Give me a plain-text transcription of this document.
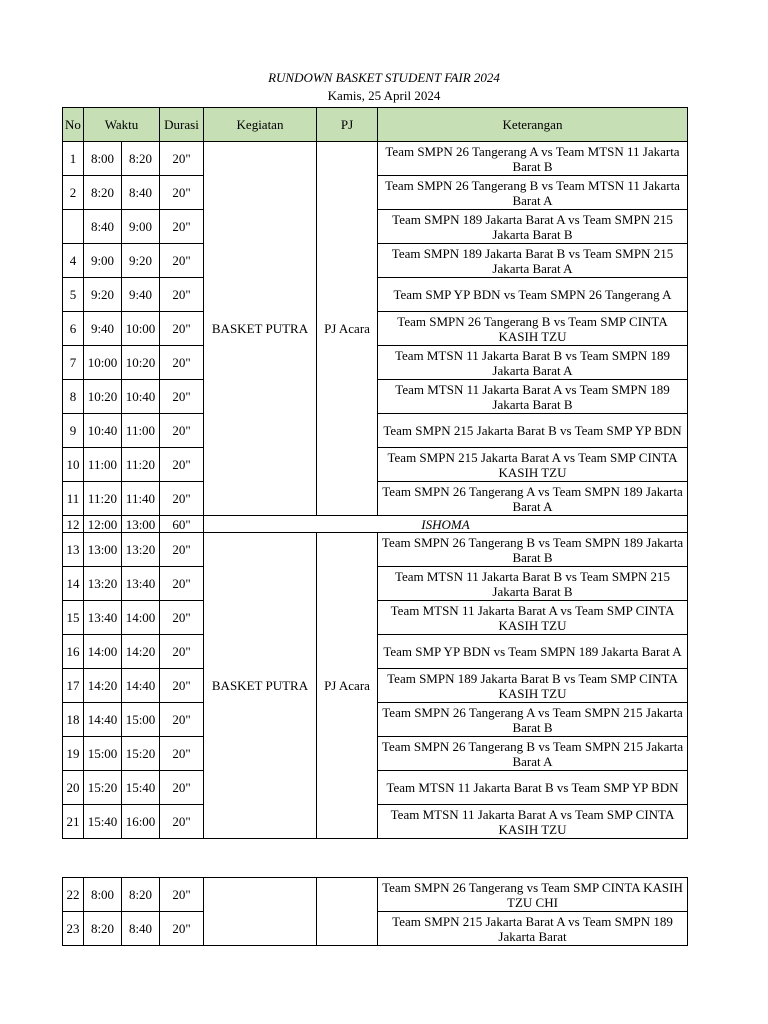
RUNDOWN BASKET STUDENT FAIR 2024
Kamis, 25 April 2024
No	Waktu		Durasi	Kegiatan	PJ	Keterangan
1	8:00	8:20	20"	BASKET PUTRA	PJ Acara	Team SMPN 26 Tangerang A vs Team MTSN 11 Jakarta Barat B
2	8:20	8:40	20"			Team SMPN 26 Tangerang B vs Team MTSN 11 Jakarta Barat A
	8:40	9:00	20"			Team SMPN 189 Jakarta Barat A vs Team SMPN 215 Jakarta Barat B
4	9:00	9:20	20"			Team SMPN 189 Jakarta Barat B vs Team SMPN 215 Jakarta Barat A
5	9:20	9:40	20"			Team SMP YP BDN vs Team SMPN 26 Tangerang A
6	9:40	10:00	20"			Team SMPN 26 Tangerang B vs Team SMP CINTA KASIH TZU
7	10:00	10:20	20"			Team MTSN 11 Jakarta Barat B vs Team SMPN 189 Jakarta Barat A
8	10:20	10:40	20"			Team MTSN 11 Jakarta Barat A vs Team SMPN 189 Jakarta Barat B
9	10:40	11:00	20"			Team SMPN 215 Jakarta Barat B vs Team SMP YP BDN
10	11:00	11:20	20"			Team SMPN 215 Jakarta Barat A vs Team SMP CINTA KASIH TZU
11	11:20	11:40	20"			Team SMPN 26 Tangerang A vs Team SMPN 189 Jakarta Barat A
12	12:00	13:00	60"	ISHOMA		
13	13:00	13:20	20"	BASKET PUTRA	PJ Acara	Team SMPN 26 Tangerang B vs Team SMPN 189 Jakarta Barat B
14	13:20	13:40	20"			Team MTSN 11 Jakarta Barat B vs Team SMPN 215 Jakarta Barat B
15	13:40	14:00	20"			Team MTSN 11 Jakarta Barat A vs Team SMP CINTA KASIH TZU
16	14:00	14:20	20"			Team SMP YP BDN vs Team SMPN 189 Jakarta Barat A
17	14:20	14:40	20"			Team SMPN 189 Jakarta Barat B vs Team SMP CINTA KASIH TZU
18	14:40	15:00	20"			Team SMPN 26 Tangerang A vs Team SMPN 215 Jakarta Barat B
19	15:00	15:20	20"			Team SMPN 26 Tangerang B vs Team SMPN 215 Jakarta Barat A
20	15:20	15:40	20"			Team MTSN 11 Jakarta Barat B vs Team SMP YP BDN
21	15:40	16:00	20"			Team MTSN 11 Jakarta Barat A vs Team SMP CINTA KASIH TZU
22	8:00	8:20	20"			Team SMPN 26 Tangerang vs Team SMP CINTA KASIH TZU CHI
23	8:20	8:40	20"			Team SMPN 215 Jakarta Barat A vs Team SMPN 189 Jakarta Barat
